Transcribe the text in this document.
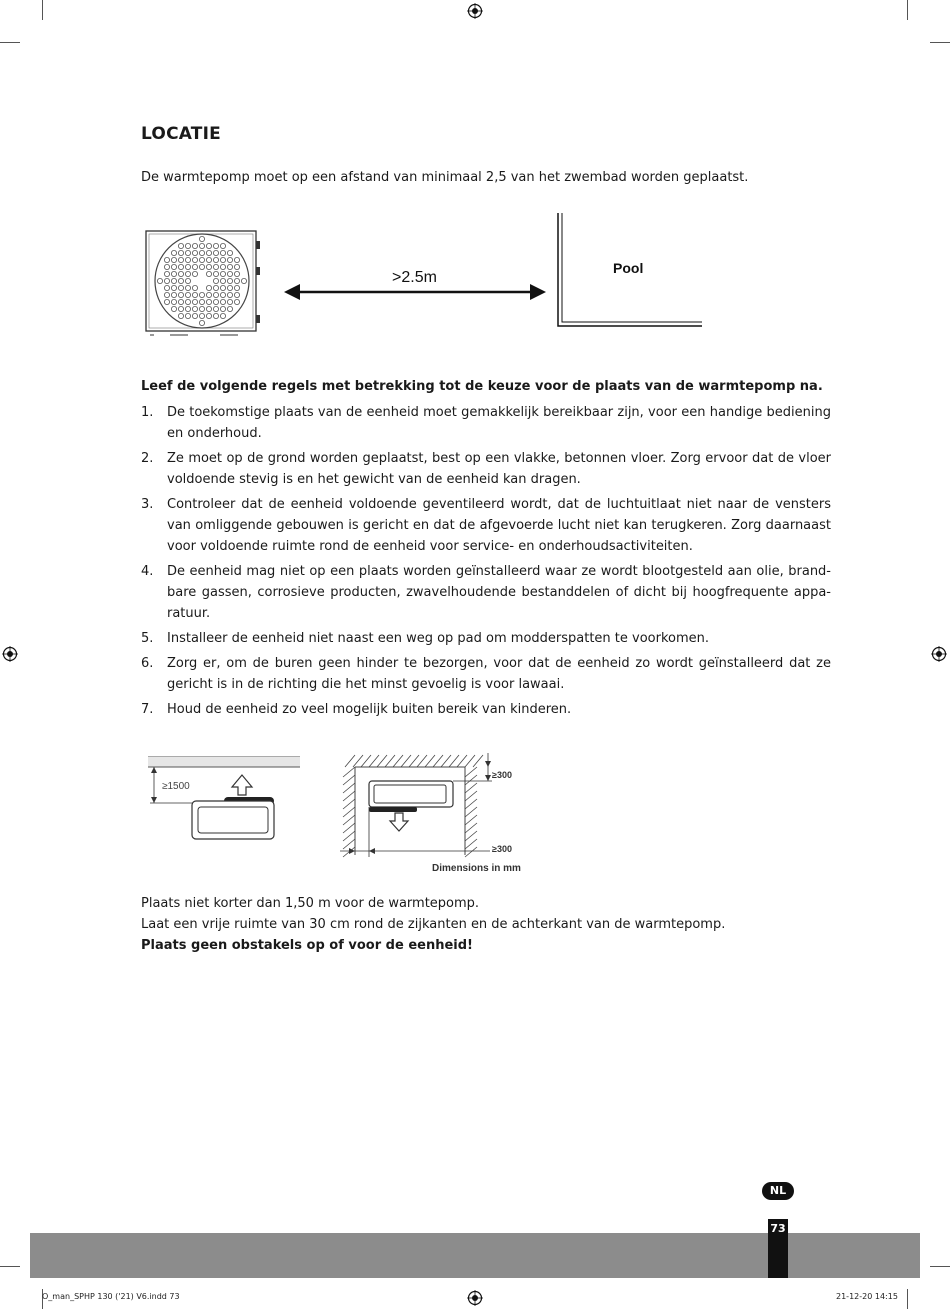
LOCATIE
De warmtepomp moet op een afstand van minimaal 2,5 van het zwembad worden geplaatst.
>2.5m
Pool
Leef de volgende regels met betrekking tot de keuze voor de plaats van de warmtepomp na.
1. De toekomstige plaats van de eenheid moet gemakkelijk bereikbaar zijn, voor een handige bediening en onderhoud.
2. Ze moet op de grond worden geplaatst, best op een vlakke, betonnen vloer. Zorg ervoor dat de vloer voldoende stevig is en het gewicht van de eenheid kan dragen.
3. Controleer dat de eenheid voldoende geventileerd wordt, dat de luchtuitlaat niet naar de vensters van omliggende gebouwen is gericht en dat de afgevoerde lucht niet kan terugkeren. Zorg daarnaast voor voldoende ruimte rond de eenheid voor service- en onderhoudsactiviteiten.
4. De eenheid mag niet op een plaats worden geïnstalleerd waar ze wordt blootgesteld aan olie, brand-bare gassen, corrosieve producten, zwavelhoudende bestanddelen of dicht bij hoogfrequente appa-ratuur.
5. Installeer de eenheid niet naast een weg op pad om modderspatten te voorkomen.
6. Zorg er, om de buren geen hinder te bezorgen, voor dat de eenheid zo wordt geïnstalleerd dat ze gericht is in de richting die het minst gevoelig is voor lawaai.
7. Houd de eenheid zo veel mogelijk buiten bereik van kinderen.
≥1500
≥300
≥300
Dimensions in mm
Plaats niet korter dan 1,50 m voor de warmtepomp.
Laat een vrije ruimte van 30 cm rond de zijkanten en de achterkant van de warmtepomp.
Plaats geen obstakels op of voor de eenheid!
NL
73
O_man_SPHP 130 ('21) V6.indd 73	21-12-20 14:15
